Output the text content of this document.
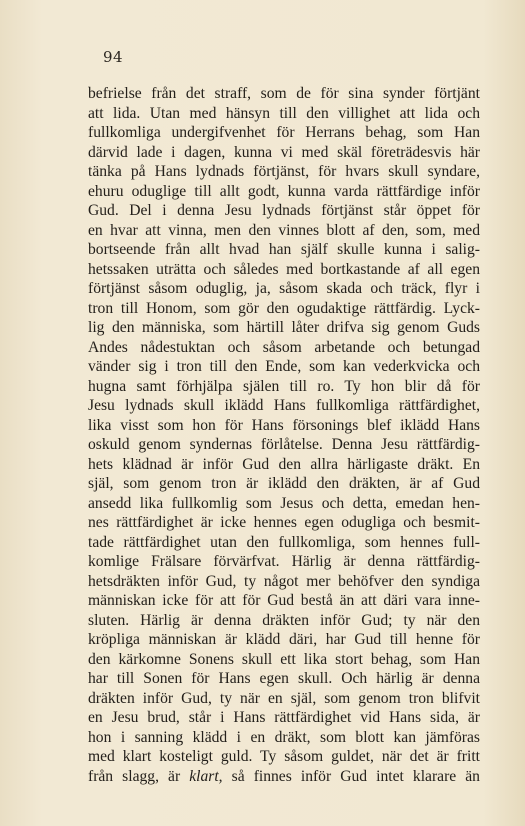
94
befrielse från det straff, som de för sina synder förtjänt
att lida. Utan med hänsyn till den villighet att lida och
fullkomliga undergifvenhet för Herrans behag, som Han
därvid lade i dagen, kunna vi med skäl företrädesvis här
tänka på Hans lydnads förtjänst, för hvars skull syndare,
ehuru oduglige till allt godt, kunna varda rättfärdige inför
Gud. Del i denna Jesu lydnads förtjänst står öppet för
en hvar att vinna, men den vinnes blott af den, som, med
bortseende från allt hvad han själf skulle kunna i salig-
hetssaken uträtta och således med bortkastande af all egen
förtjänst såsom oduglig, ja, såsom skada och träck, flyr i
tron till Honom, som gör den ogudaktige rättfärdig. Lyck-
lig den människa, som härtill låter drifva sig genom Guds
Andes nådestuktan och såsom arbetande och betungad
vänder sig i tron till den Ende, som kan vederkvicka och
hugna samt förhjälpa själen till ro. Ty hon blir då för
Jesu lydnads skull iklädd Hans fullkomliga rättfärdighet,
lika visst som hon för Hans försonings blef iklädd Hans
oskuld genom syndernas förlåtelse. Denna Jesu rättfärdig-
hets klädnad är inför Gud den allra härligaste dräkt. En
själ, som genom tron är iklädd den dräkten, är af Gud
ansedd lika fullkomlig som Jesus och detta, emedan hen-
nes rättfärdighet är icke hennes egen odugliga och besmit-
tade rättfärdighet utan den fullkomliga, som hennes full-
komlige Frälsare förvärfvat. Härlig är denna rättfärdig-
hetsdräkten inför Gud, ty något mer behöfver den syndiga
människan icke för att för Gud bestå än att däri vara inne-
sluten. Härlig är denna dräkten inför Gud; ty när den
kröpliga människan är klädd däri, har Gud till henne för
den kärkomne Sonens skull ett lika stort behag, som Han
har till Sonen för Hans egen skull. Och härlig är denna
dräkten inför Gud, ty när en själ, som genom tron blifvit
en Jesu brud, står i Hans rättfärdighet vid Hans sida, är
hon i sanning klädd i en dräkt, som blott kan jämföras
med klart kosteligt guld. Ty såsom guldet, när det är fritt
från slagg, är klart, så finnes inför Gud intet klarare än
